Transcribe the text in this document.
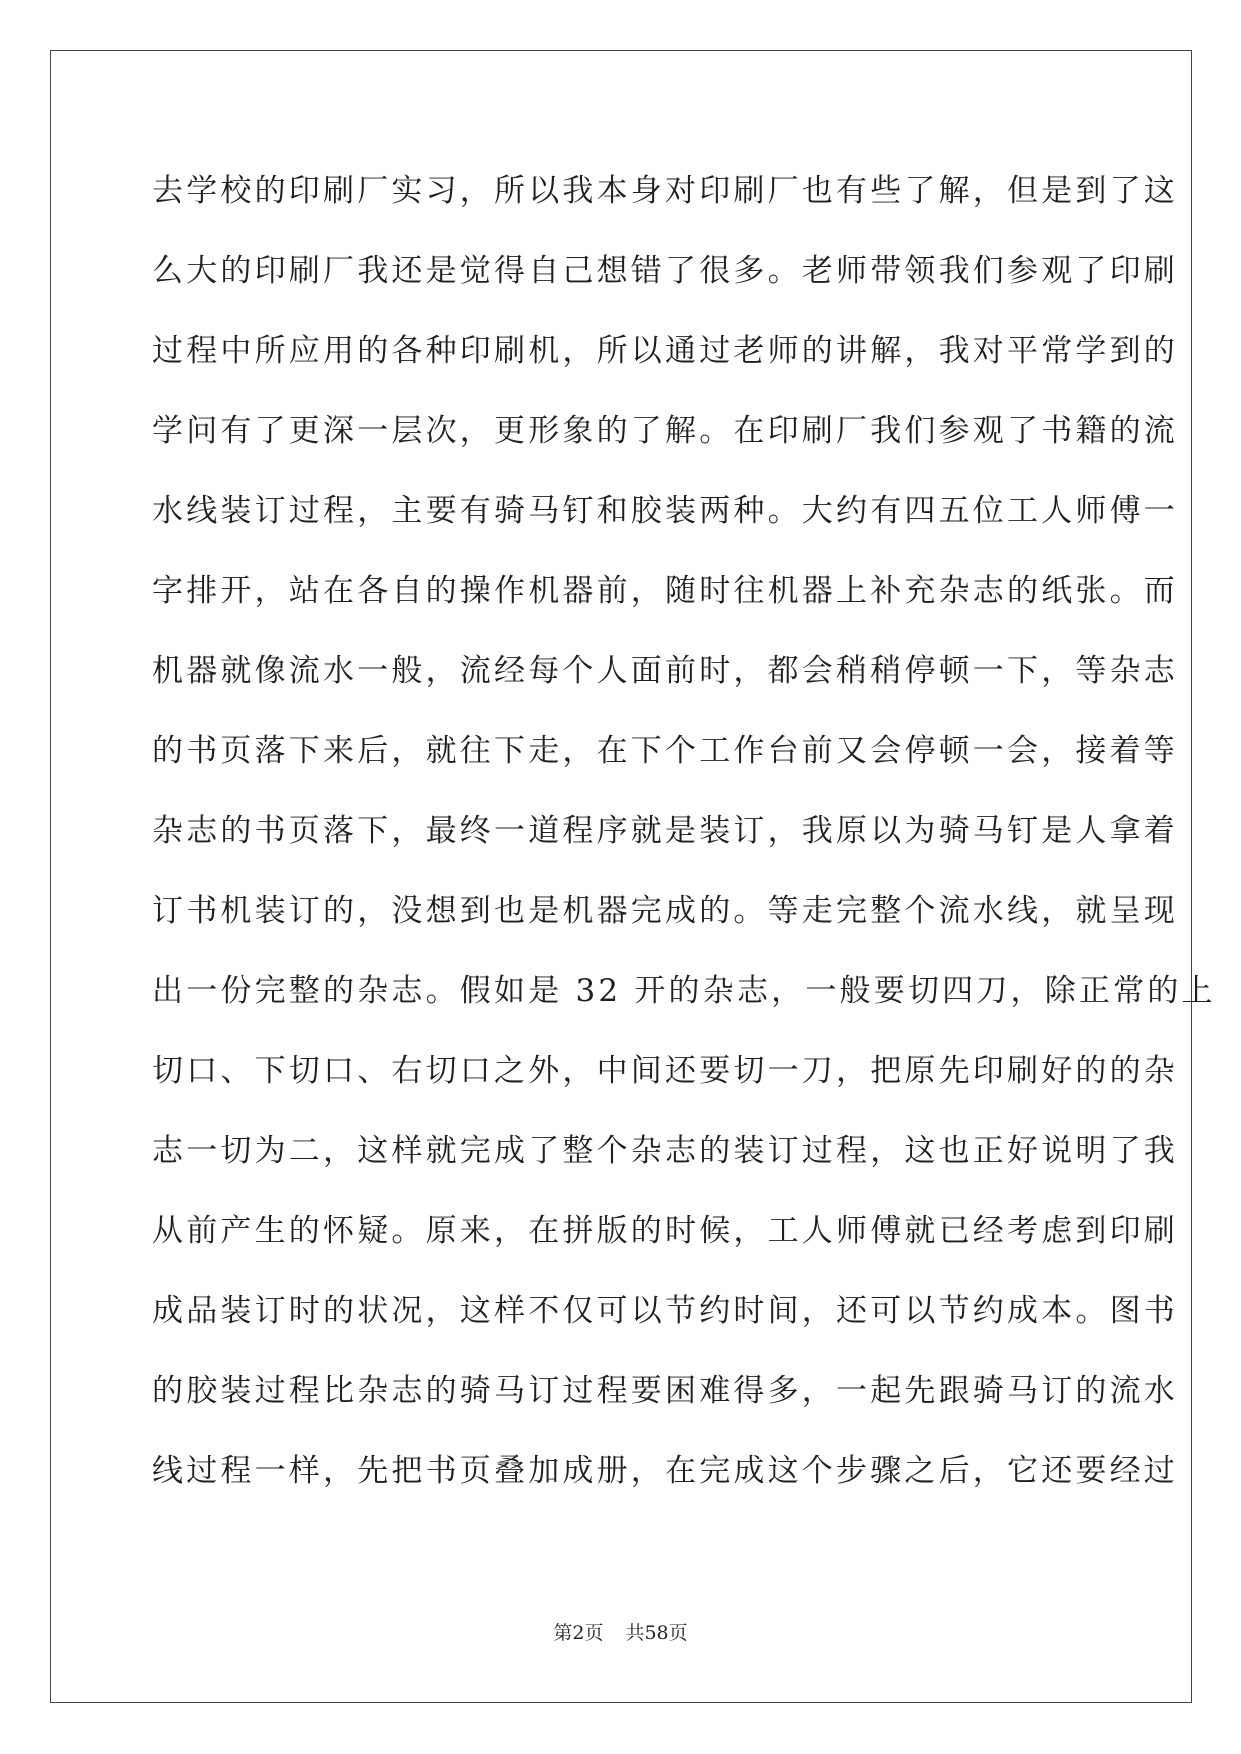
去学校的印刷厂实习，所以我本身对印刷厂也有些了解，但是到了这
么大的印刷厂我还是觉得自己想错了很多。老师带领我们参观了印刷
过程中所应用的各种印刷机，所以通过老师的讲解，我对平常学到的
学问有了更深一层次，更形象的了解。在印刷厂我们参观了书籍的流
水线装订过程，主要有骑马钉和胶装两种。大约有四五位工人师傅一
字排开，站在各自的操作机器前，随时往机器上补充杂志的纸张。而
机器就像流水一般，流经每个人面前时，都会稍稍停顿一下，等杂志
的书页落下来后，就往下走，在下个工作台前又会停顿一会，接着等
杂志的书页落下，最终一道程序就是装订，我原以为骑马钉是人拿着
订书机装订的，没想到也是机器完成的。等走完整个流水线，就呈现
出一份完整的杂志。假如是 32 开的杂志，一般要切四刀，除正常的上
切口、下切口、右切口之外，中间还要切一刀，把原先印刷好的的杂
志一切为二，这样就完成了整个杂志的装订过程，这也正好说明了我
从前产生的怀疑。原来，在拼版的时候，工人师傅就已经考虑到印刷
成品装订时的状况，这样不仅可以节约时间，还可以节约成本。图书
的胶装过程比杂志的骑马订过程要困难得多，一起先跟骑马订的流水
线过程一样，先把书页叠加成册，在完成这个步骤之后，它还要经过
第2页 共58页
